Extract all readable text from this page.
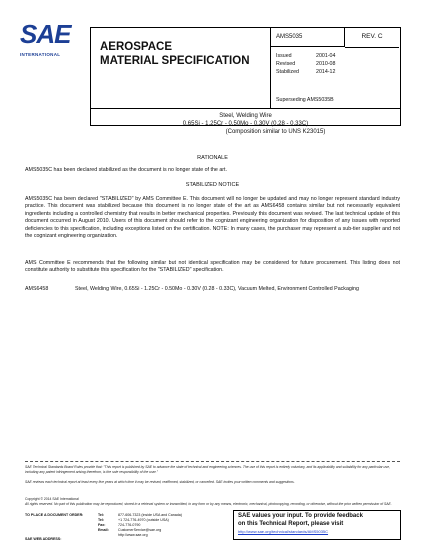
SAE
INTERNATIONAL
AEROSPACE
MATERIAL SPECIFICATION
AMS5035	REV. C
Issued	2001-04
Revised	2010-08
Stabilized	2014-12
Superseding AMS5035B
Steel, Welding Wire
0.65Si - 1.25Cr - 0.50Mo - 0.30V (0.28 - 0.33C)
(Composition similar to UNS K23015)
RATIONALE
AMS5035C has been declared stabilized as the document is no longer state of the art.
STABILIZED NOTICE
AMS5035C has been declared "STABILIZED" by AMS Committee E. This document will no longer be updated and may no longer represent standard industry practice. This document was stabilized because this document is no longer state of the art as AMS6458 contains similar but not necessarily equivalent ingredients including a controlled chemistry that results in better mechanical properties. Previously this document was revised. The last technical update of this document occurred in August 2010. Users of this document should refer to the cognizant engineering organization for disposition of any issues with reported deficiencies to this specification, including exceptions listed on the certification. NOTE: In many cases, the purchaser may represent a sub-tier supplier and not the cognizant engineering organization.
AMS Committee E recommends that the following similar but not identical specification may be considered for future procurement. This listing does not constitute authority to substitute this specification for the "STABILIZED" specification.
AMS6458	Steel, Welding Wire, 0.65Si - 1.25Cr - 0.50Mo - 0.30V (0.28 - 0.33C), Vacuum Melted, Environment Controlled Packaging
SAE Technical Standards Board Rules provide that: "This report is published by SAE to advance the state of technical and engineering sciences. The use of this report is entirely voluntary, and its applicability and suitability for any particular use, including any patent infringement arising therefrom, is the sole responsibility of the user."
SAE reviews each technical report at least every five years at which time it may be revised, reaffirmed, stabilized, or cancelled. SAE invites your written comments and suggestions.
Copyright © 2014 SAE International
All rights reserved. No part of this publication may be reproduced, stored in a retrieval system or transmitted, in any form or by any means, electronic, mechanical, photocopying, recording, or otherwise, without the prior written permission of SAE.
TO PLACE A DOCUMENT ORDER:	Tel:	877-606-7323 (inside USA and Canada)
Tel:	+1 724-776-4970 (outside USA)
Fax:	724-776-0790
Email:	CustomerService@sae.org
http://www.sae.org
SAE WEB ADDRESS:
SAE values your input. To provide feedback
on this Technical Report, please visit
http://www.sae.org/technical/standards/AMS5035C
